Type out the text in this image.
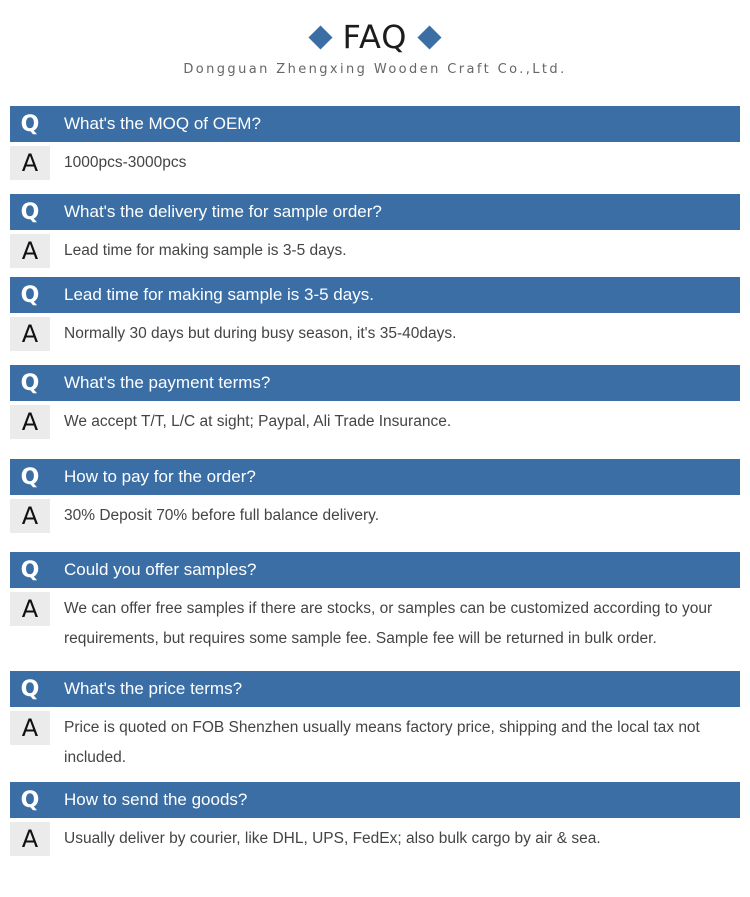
FAQ
Dongguan Zhengxing Wooden Craft Co.,Ltd.
Q	What's the MOQ of OEM?
A	1000pcs-3000pcs
Q	What's the delivery time for sample order?
A	Lead time for making sample is 3-5 days.
Q	Lead time for making sample is 3-5 days.
A	Normally 30 days but during busy season, it's 35-40days.
Q	What's the payment terms?
A	We accept T/T, L/C at sight; Paypal, Ali Trade Insurance.
Q	How to pay for the order?
A	30% Deposit 70% before full balance delivery.
Q	Could you offer samples?
A	We can offer free samples if there are stocks, or samples can be customized according to your requirements, but requires some sample fee. Sample fee will be returned in bulk order.
Q	What's the price terms?
A	Price is quoted on FOB Shenzhen usually means factory price, shipping and the local tax not included.
Q	How to send the goods?
A	Usually deliver by courier, like DHL, UPS, FedEx; also bulk cargo by air & sea.
